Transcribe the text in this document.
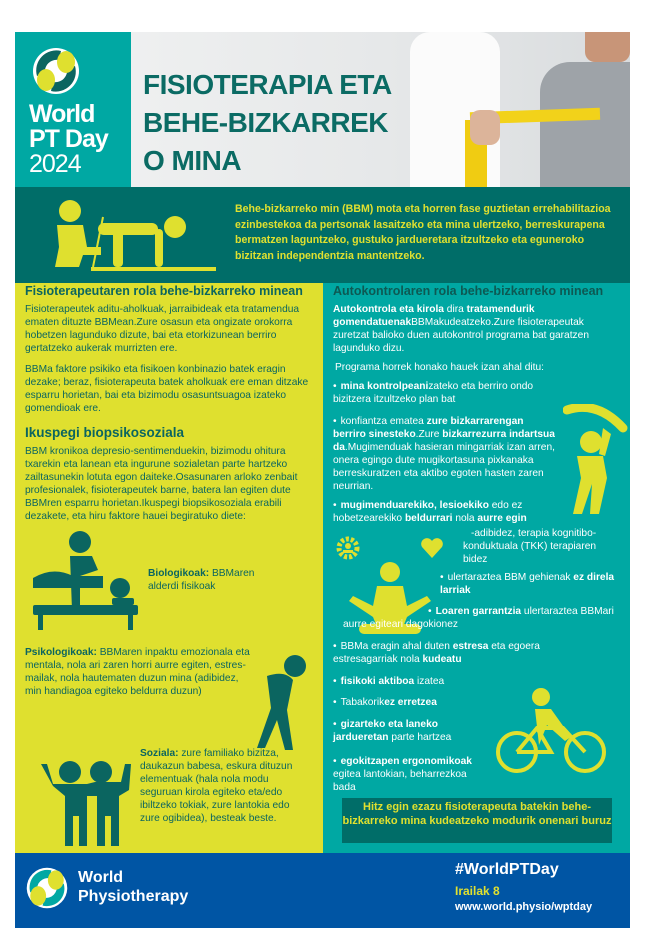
World
PT Day
2024
FISIOTERAPIA ETA
BEHE-BIZKARREK
O MINA
Behe-bizkarreko min (BBM) mota eta horren fase guztietan errehabilitazioa ezinbestekoa da pertsonak lasaitzeko eta mina ulertzeko, berreskurapena bermatzen laguntzeko, gustuko jardueretara itzultzeko eta eguneroko bizitzan independentzia mantentzeko.
Fisioterapeutaren rola behe-bizkarreko minean
Fisioterapeutek aditu-aholkuak, jarraibideak eta tratamendua ematen dituzte BBMean.Zure osasun eta ongizate orokorra hobetzen lagunduko dizute, bai eta etorkizunean berriro gertatzeko aukerak murrizten ere.
BBMa faktore psikiko eta fisikoen konbinazio batek eragin dezake; beraz, fisioterapeuta batek aholkuak ere eman ditzake esparru horietan, bai eta bizimodu osasuntsuagoa izateko gomendioak ere.
Ikuspegi biopsikosoziala
BBM kronikoa depresio-sentimenduekin, bizimodu ohitura txarekin eta lanean eta ingurune sozialetan parte hartzeko zailtasunekin lotuta egon daiteke.Osasunaren arloko zenbait profesionalek, fisioterapeutek barne, batera lan egiten dute BBMren esparru horietan.Ikuspegi biopsikosoziala erabili dezakete, eta hiru faktore hauei begiratuko diete:
Biologikoak: BBMaren alderdi fisikoak
Psikologikoak: BBMaren inpaktu emozionala eta mentala, nola ari zaren horri aurre egiten, estres-mailak, nola hautematen duzun mina (adibidez, min handiagoa egiteko beldurra duzun)
Soziala: zure familiako bizitza, daukazun babesa, eskura dituzun elementuak (hala nola modu seguruan kirola egiteko eta/edo ibiltzeko tokiak, zure lantokia edo zure ogibidea), besteak beste.
Autokontrolaren rola behe-bizkarreko minean
Autokontrola eta kirola dira tratamendurik gomendatuenakBBMakudeatzeko.Zure fisioterapeutak zuretzat balioko duen autokontrol programa bat garatzen lagunduko dizu.
Programa horrek honako hauek izan ahal ditu:
• mina kontrolpeanizateko eta berriro ondo bizitzera itzultzeko plan bat
• konfiantza ematea zure bizkarrarengan berriro sinesteko.Zure bizkarrezurra indartsua da.Mugimenduak hasieran mingarriak izan arren, onera egingo dute mugikortasuna pixkanaka berreskuratzen eta aktibo egoten hasten zaren neurrian.
• mugimenduarekiko, lesioekiko edo ez hobetzearekiko beldurrari nola aurre egin
-adibidez, terapia kognitibo-konduktuala (TKK) terapiaren bidez
• ulertaraztea BBM gehienak ez direla larriak
• Loaren garrantzia ulertaraztea BBMari aurre egiteari dagokionez
• BBMa eragin ahal duten estresa eta egoera estresagarriak nola kudeatu
• fisikoki aktiboa izatea
• Tabakorikez erretzea
• gizarteko eta laneko jardueretan parte hartzea
• egokitzapen ergonomikoak egitea lantokian, beharrezkoa bada
Hitz egin ezazu fisioterapeuta batekin behe-bizkarreko mina kudeatzeko modurik onenari buruz
World
Physiotherapy
#WorldPTDay
Irailak 8
www.world.physio/wptday
